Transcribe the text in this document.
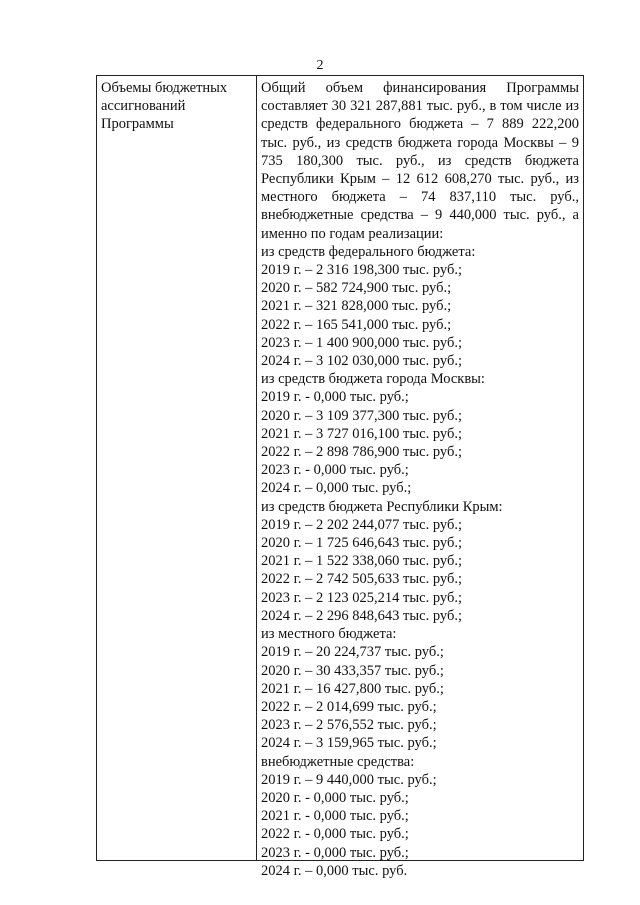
2
Объемы бюджетных ассигнований Программы
Общий объем финансирования Программы составляет 30 321 287,881 тыс. руб., в том числе из средств федерального бюджета – 7 889 222,200 тыс. руб., из средств бюджета города Москвы – 9 735 180,300 тыс. руб., из средств бюджета Республики Крым – 12 612 608,270 тыс. руб., из местного бюджета – 74 837,110 тыс. руб., внебюджетные средства – 9 440,000 тыс. руб., а именно по годам реализации:
из средств федерального бюджета:
2019 г. – 2 316 198,300 тыс. руб.;
2020 г. – 582 724,900 тыс. руб.;
2021 г. – 321 828,000 тыс. руб.;
2022 г. – 165 541,000 тыс. руб.;
2023 г. – 1 400 900,000 тыс. руб.;
2024 г. – 3 102 030,000 тыс. руб.;
из средств бюджета города Москвы:
2019 г. - 0,000 тыс. руб.;
2020 г. – 3 109 377,300 тыс. руб.;
2021 г. – 3 727 016,100 тыс. руб.;
2022 г. – 2 898 786,900 тыс. руб.;
2023 г. - 0,000 тыс. руб.;
2024 г. – 0,000 тыс. руб.;
из средств бюджета Республики Крым:
2019 г. – 2 202 244,077 тыс. руб.;
2020 г. – 1 725 646,643 тыс. руб.;
2021 г. – 1 522 338,060 тыс. руб.;
2022 г. – 2 742 505,633 тыс. руб.;
2023 г. – 2 123 025,214 тыс. руб.;
2024 г. – 2 296 848,643 тыс. руб.;
из местного бюджета:
2019 г. – 20 224,737 тыс. руб.;
2020 г. – 30 433,357 тыс. руб.;
2021 г. – 16 427,800 тыс. руб.;
2022 г. – 2 014,699 тыс. руб.;
2023 г. – 2 576,552 тыс. руб.;
2024 г. – 3 159,965 тыс. руб.;
внебюджетные средства:
2019 г. – 9 440,000 тыс. руб.;
2020 г. - 0,000 тыс. руб.;
2021 г. - 0,000 тыс. руб.;
2022 г. - 0,000 тыс. руб.;
2023 г. - 0,000 тыс. руб.;
2024 г. – 0,000 тыс. руб.
